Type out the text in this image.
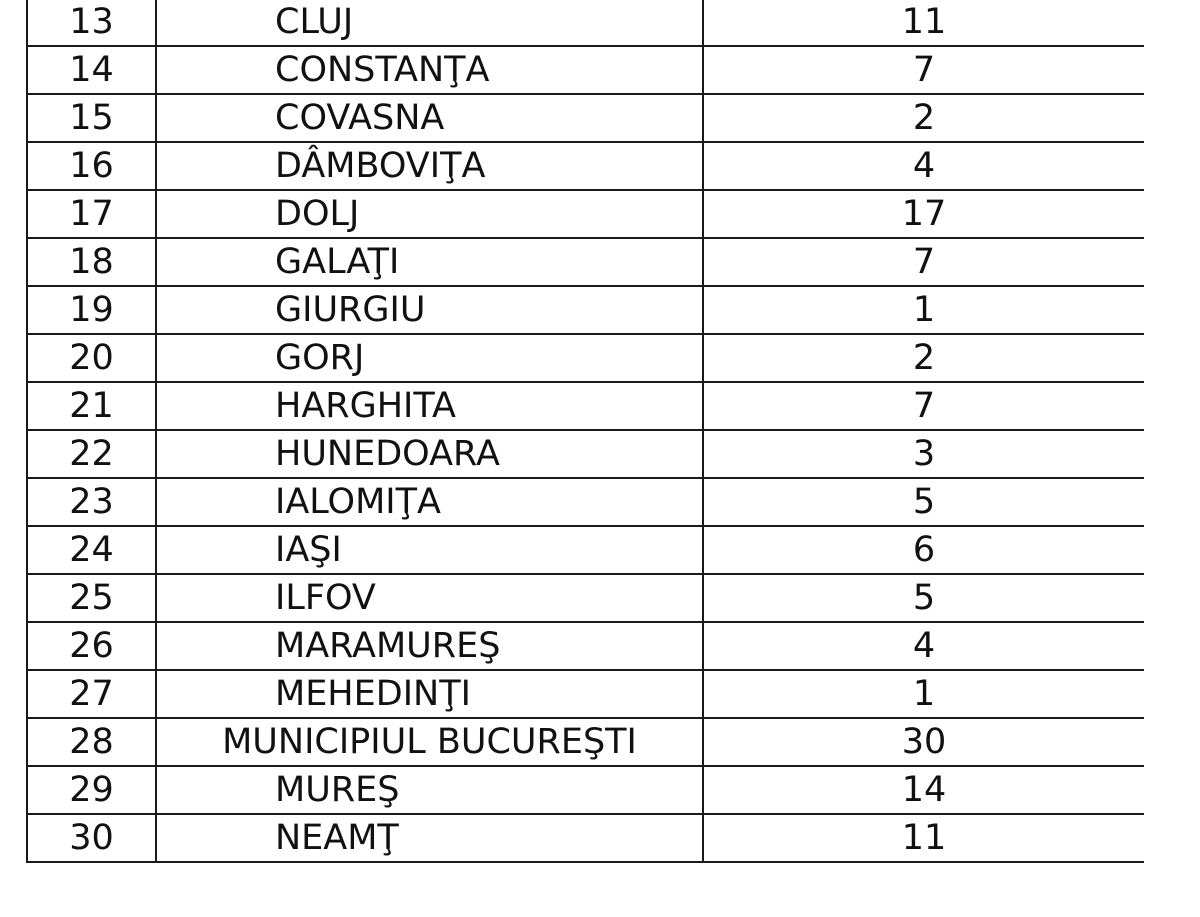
13	CLUJ	11
14	CONSTANŢA	7
15	COVASNA	2
16	DÂMBOVIŢA	4
17	DOLJ	17
18	GALAŢI	7
19	GIURGIU	1
20	GORJ	2
21	HARGHITA	7
22	HUNEDOARA	3
23	IALOMIŢA	5
24	IAŞI	6
25	ILFOV	5
26	MARAMUREŞ	4
27	MEHEDINŢI	1
28	MUNICIPIUL BUCUREŞTI	30
29	MUREŞ	14
30	NEAMŢ	11
